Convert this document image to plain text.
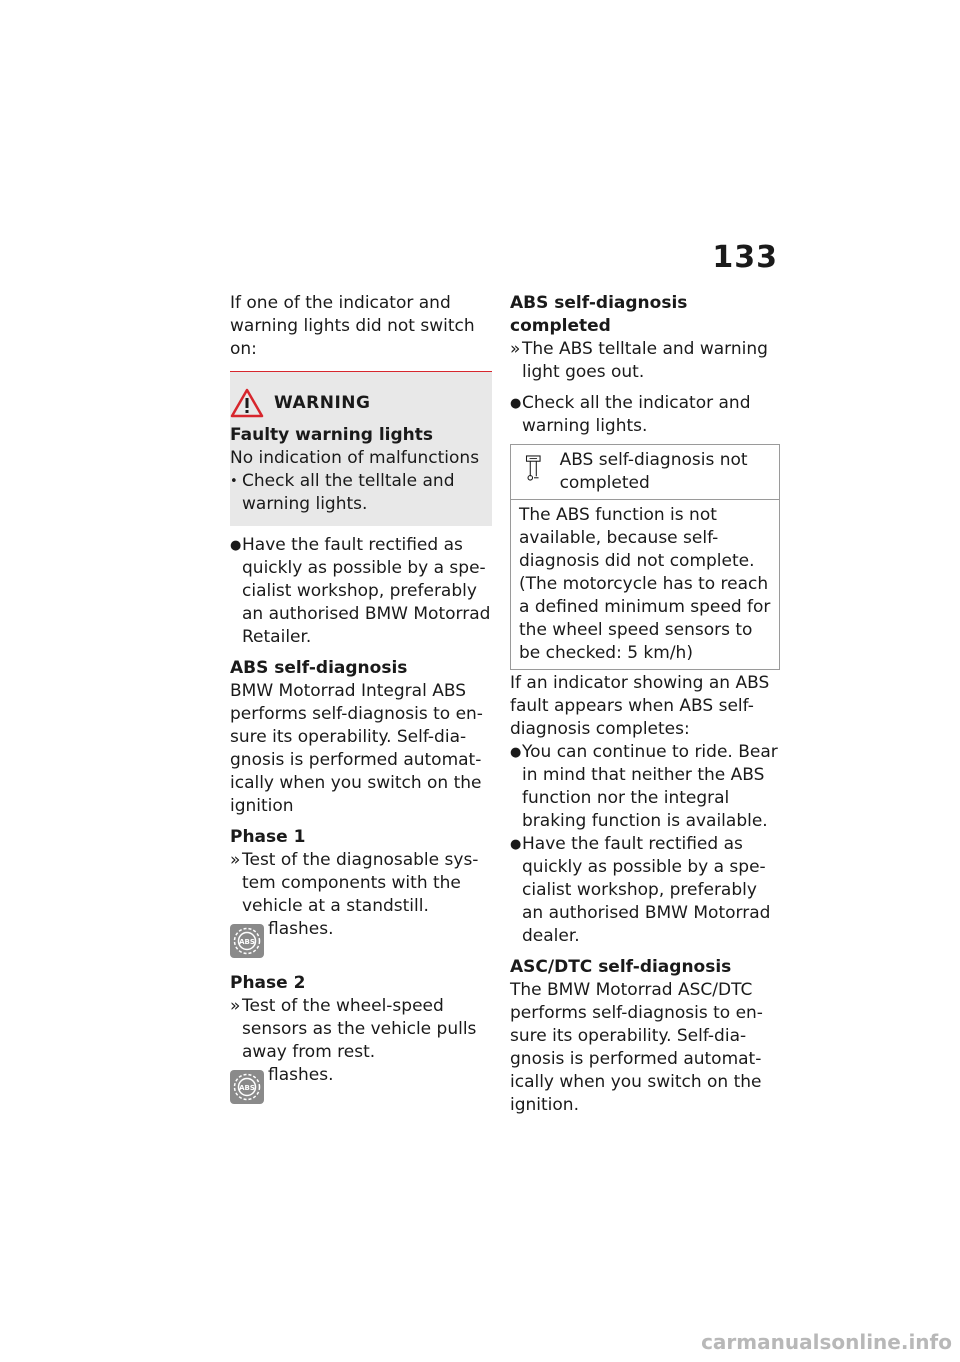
133

If one of the indicator and warning lights did not switch on:

WARNING

Faulty warning lights

No indication of malfunctions

• Check all the telltale and warning lights.
● Have the fault rectified as quickly as possible by a spe-cialist workshop, preferably an authorised BMW Motorrad Retailer.

ABS self-diagnosis

BMW Motorrad Integral ABS performs self-diagnosis to en-sure its operability. Self-dia-gnosis is performed automat-ically when you switch on the ignition

Phase 1

» Test of the diagnosable sys-tem components with the vehicle at a standstill.
ABS
flashes.

Phase 2

» Test of the wheel-speed sensors as the vehicle pulls away from rest.
ABS
flashes.

ABS self-diagnosis completed

» The ABS telltale and warning light goes out.
● Check all the indicator and warning lights.
ABS self-diagnosis not completed
The ABS function is not available, because self-diagnosis did not complete. (The motorcycle has to reach a defined minimum speed for the wheel speed sensors to be checked: 5 km/h)

If an indicator showing an ABS fault appears when ABS self-diagnosis completes:

● You can continue to ride. Bear in mind that neither the ABS function nor the integral braking function is available.
● Have the fault rectified as quickly as possible by a spe-cialist workshop, preferably an authorised BMW Motorrad dealer.

ASC/DTC self-diagnosis

The BMW Motorrad ASC/DTC performs self-diagnosis to en-sure its operability. Self-dia-gnosis is performed automat-ically when you switch on the ignition.

carmanualsonline.info
